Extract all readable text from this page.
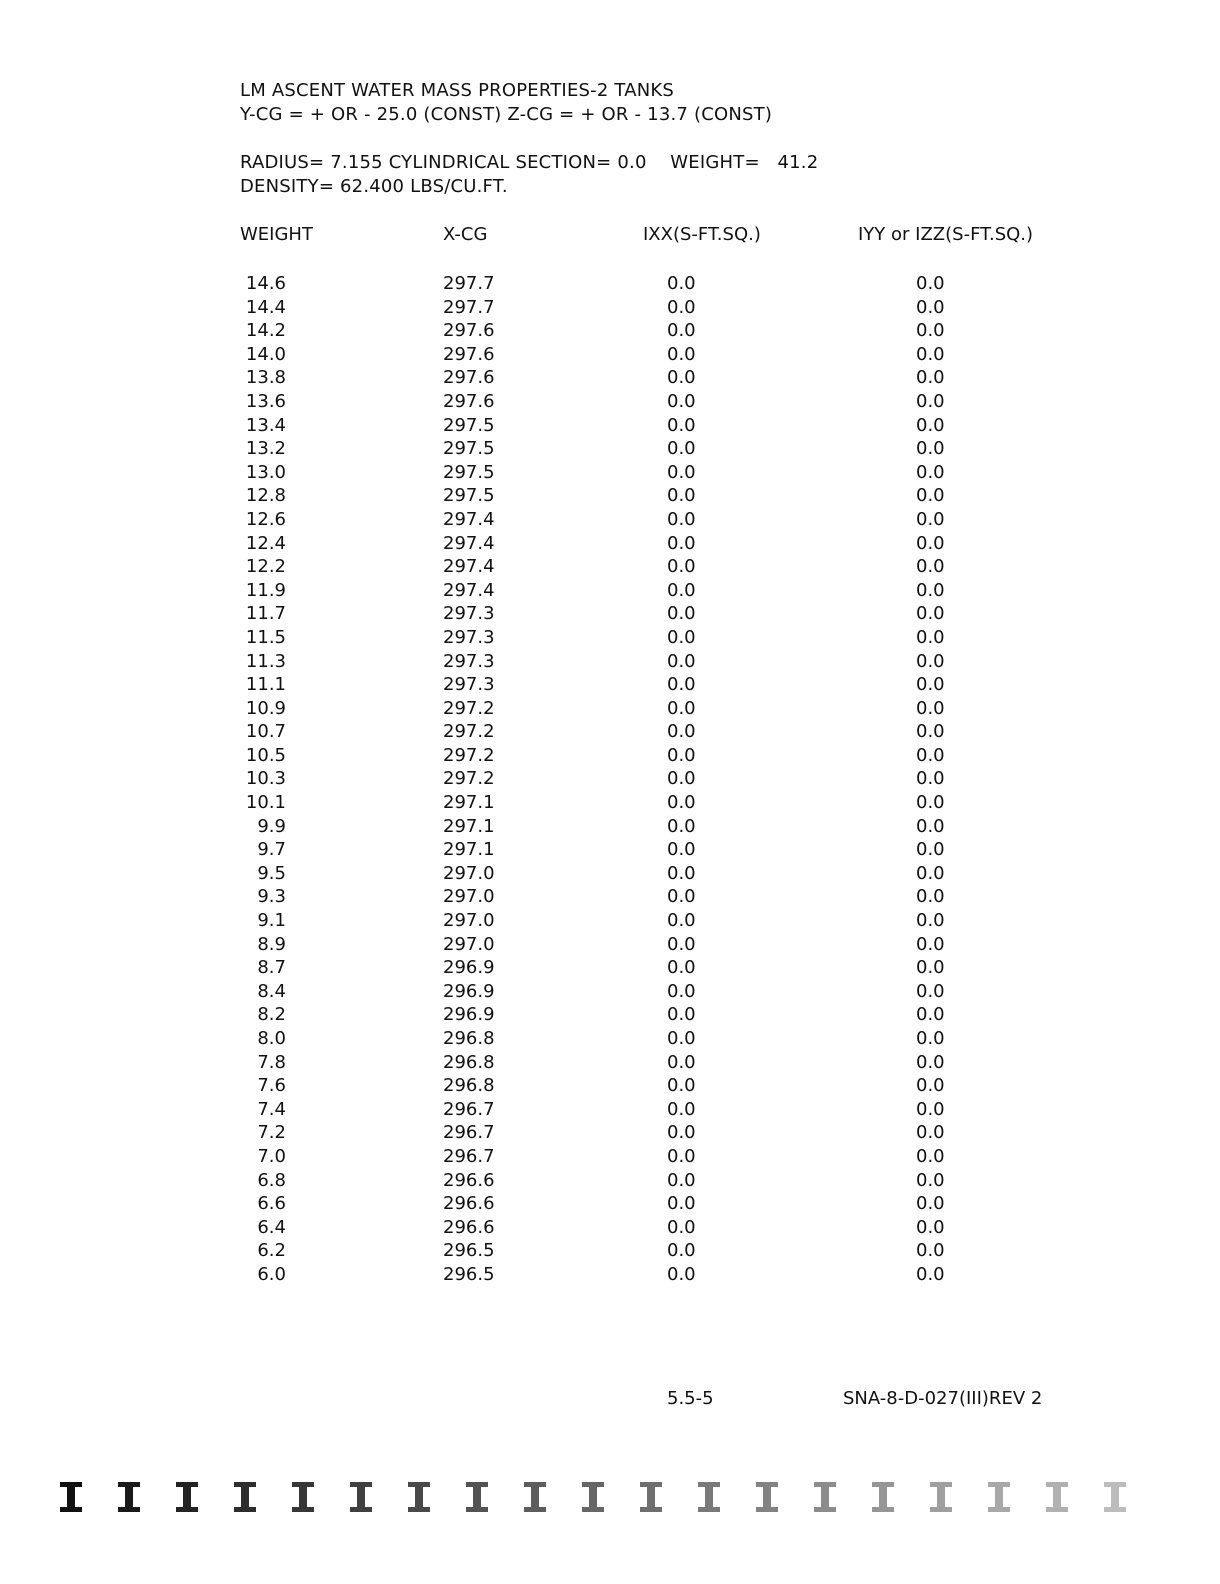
LM ASCENT WATER MASS PROPERTIES-2 TANKS
Y-CG = + OR - 25.0 (CONST) Z-CG = + OR - 13.7 (CONST)
RADIUS= 7.155 CYLINDRICAL SECTION= 0.0    WEIGHT=   41.2
DENSITY= 62.400 LBS/CU.FT.
WEIGHT	X-CG	IXX(S-FT.SQ.)	IYY or IZZ(S-FT.SQ.)
14.6	297.7	0.0	0.0
14.4	297.7	0.0	0.0
14.2	297.6	0.0	0.0
14.0	297.6	0.0	0.0
13.8	297.6	0.0	0.0
13.6	297.6	0.0	0.0
13.4	297.5	0.0	0.0
13.2	297.5	0.0	0.0
13.0	297.5	0.0	0.0
12.8	297.5	0.0	0.0
12.6	297.4	0.0	0.0
12.4	297.4	0.0	0.0
12.2	297.4	0.0	0.0
11.9	297.4	0.0	0.0
11.7	297.3	0.0	0.0
11.5	297.3	0.0	0.0
11.3	297.3	0.0	0.0
11.1	297.3	0.0	0.0
10.9	297.2	0.0	0.0
10.7	297.2	0.0	0.0
10.5	297.2	0.0	0.0
10.3	297.2	0.0	0.0
10.1	297.1	0.0	0.0
9.9	297.1	0.0	0.0
9.7	297.1	0.0	0.0
9.5	297.0	0.0	0.0
9.3	297.0	0.0	0.0
9.1	297.0	0.0	0.0
8.9	297.0	0.0	0.0
8.7	296.9	0.0	0.0
8.4	296.9	0.0	0.0
8.2	296.9	0.0	0.0
8.0	296.8	0.0	0.0
7.8	296.8	0.0	0.0
7.6	296.8	0.0	0.0
7.4	296.7	0.0	0.0
7.2	296.7	0.0	0.0
7.0	296.7	0.0	0.0
6.8	296.6	0.0	0.0
6.6	296.6	0.0	0.0
6.4	296.6	0.0	0.0
6.2	296.5	0.0	0.0
6.0	296.5	0.0	0.0
5.5-5	SNA-8-D-027(III)REV 2
